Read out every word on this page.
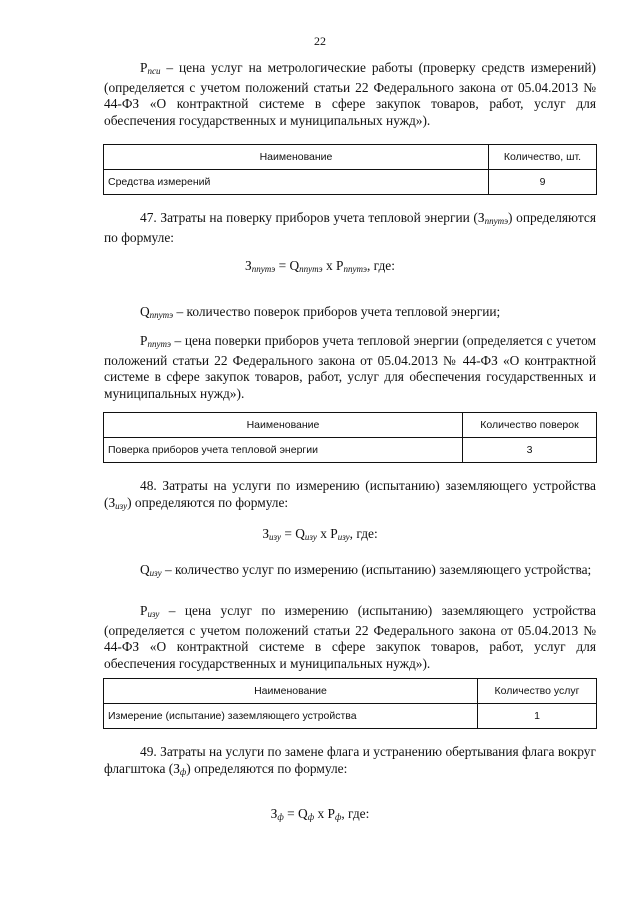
22
$P_{пси}$ – цена услуг на метрологические работы (проверку средств измерений) (определяется с учетом положений статьи 22 Федерального закона от 05.04.2013 № 44-ФЗ «О контрактной системе в сфере закупок товаров, работ, услуг для обеспечения государственных и муниципальных нужд»).
Наименование	Количество, шт.
Средства измерений	9
47. Затраты на поверку приборов учета тепловой энергии $(З_{ппутэ})$ определяются по формуле:
$З_{ппутэ} = Q_{ппутэ}$ x $P_{ппутэ}$, где:
$Q_{ппутэ}$ – количество поверок приборов учета тепловой энергии;
$P_{ппутэ}$ – цена поверки приборов учета тепловой энергии (определяется с учетом положений статьи 22 Федерального закона от 05.04.2013 № 44-ФЗ «О контрактной системе в сфере закупок товаров, работ, услуг для обеспечения государственных и муниципальных нужд»).
Наименование	Количество поверок
Поверка приборов учета тепловой энергии	3
48. Затраты на услуги по измерению (испытанию) заземляющего устройства $(З_{изу})$ определяются по формуле:
$З_{изу} = Q_{изу}$ x $P_{изу}$, где:
$Q_{изу}$ – количество услуг по измерению (испытанию) заземляющего устройства;
$P_{изу}$ – цена услуг по измерению (испытанию) заземляющего устройства (определяется с учетом положений статьи 22 Федерального закона от 05.04.2013 № 44-ФЗ «О контрактной системе в сфере закупок товаров, работ, услуг для обеспечения государственных и муниципальных нужд»).
Наименование	Количество услуг
Измерение (испытание) заземляющего устройства	1
49. Затраты на услуги по замене флага и устранению обертывания флага вокруг флагштока $(З_ф)$ определяются по формуле:
$З_ф = Q_ф$ x $P_ф$, где:
